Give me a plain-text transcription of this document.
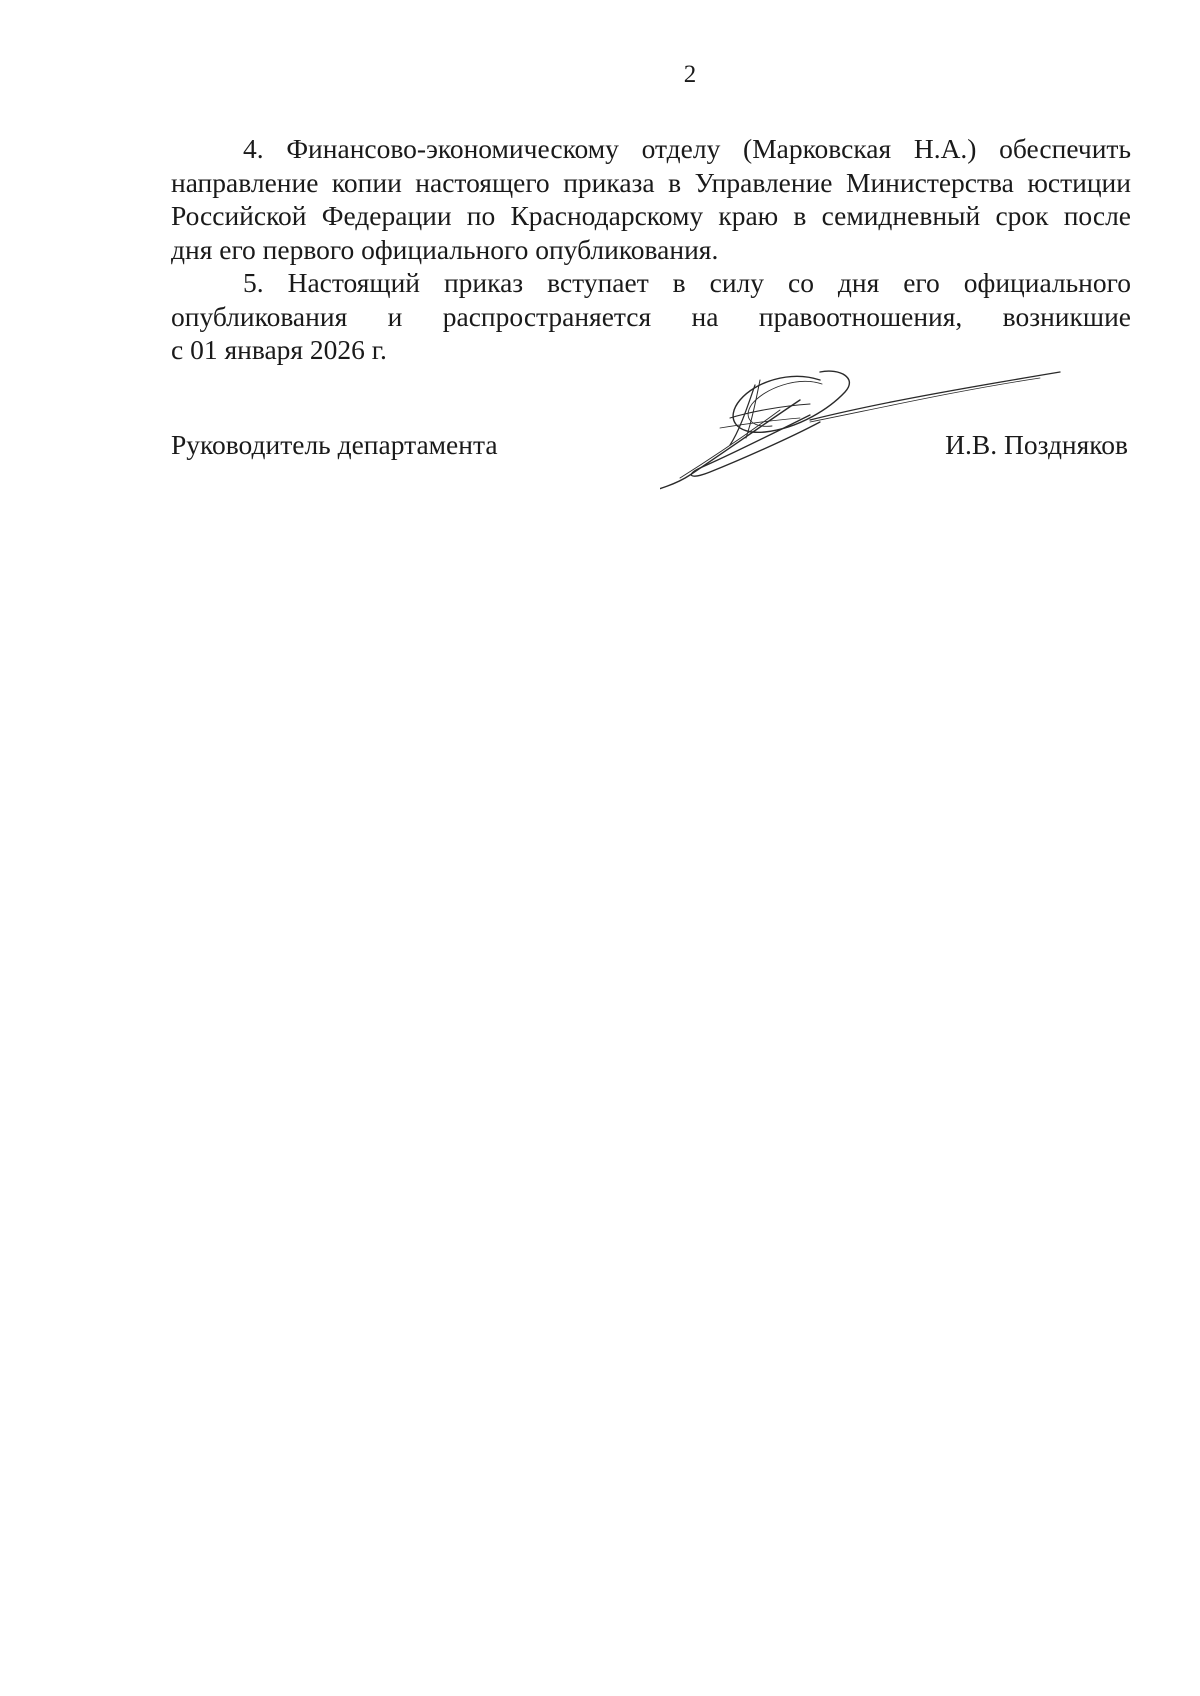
2
4. Финансово-экономическому отделу (Марковская Н.А.) обеспечить
направление копии настоящего приказа в Управление Министерства юстиции
Российской Федерации по Краснодарскому краю в семидневный срок после
дня его первого официального опубликования.
5. Настоящий приказ вступает в силу со дня его официального
опубликования и распространяется на правоотношения, возникшие
с 01 января 2026 г.
Руководитель департамента	И.В. Поздняков
